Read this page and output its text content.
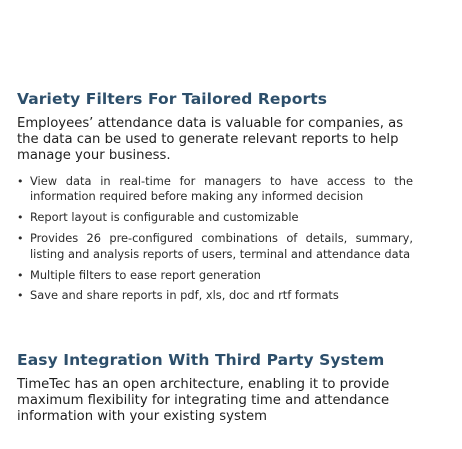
Variety Filters For Tailored Reports

Employees’ attendance data is valuable for companies, as the data can be used to generate relevant reports to help manage your business.

• View data in real-time for managers to have access to the information required before making any informed decision
• Report layout is configurable and customizable
• Provides 26 pre-configured combinations of details, summary, listing and analysis reports of users, terminal and attendance data
• Multiple filters to ease report generation
• Save and share reports in pdf, xls, doc and rtf formats
Easy Integration With Third Party System

TimeTec has an open architecture, enabling it to provide maximum flexibility for integrating time and attendance information with your existing system
